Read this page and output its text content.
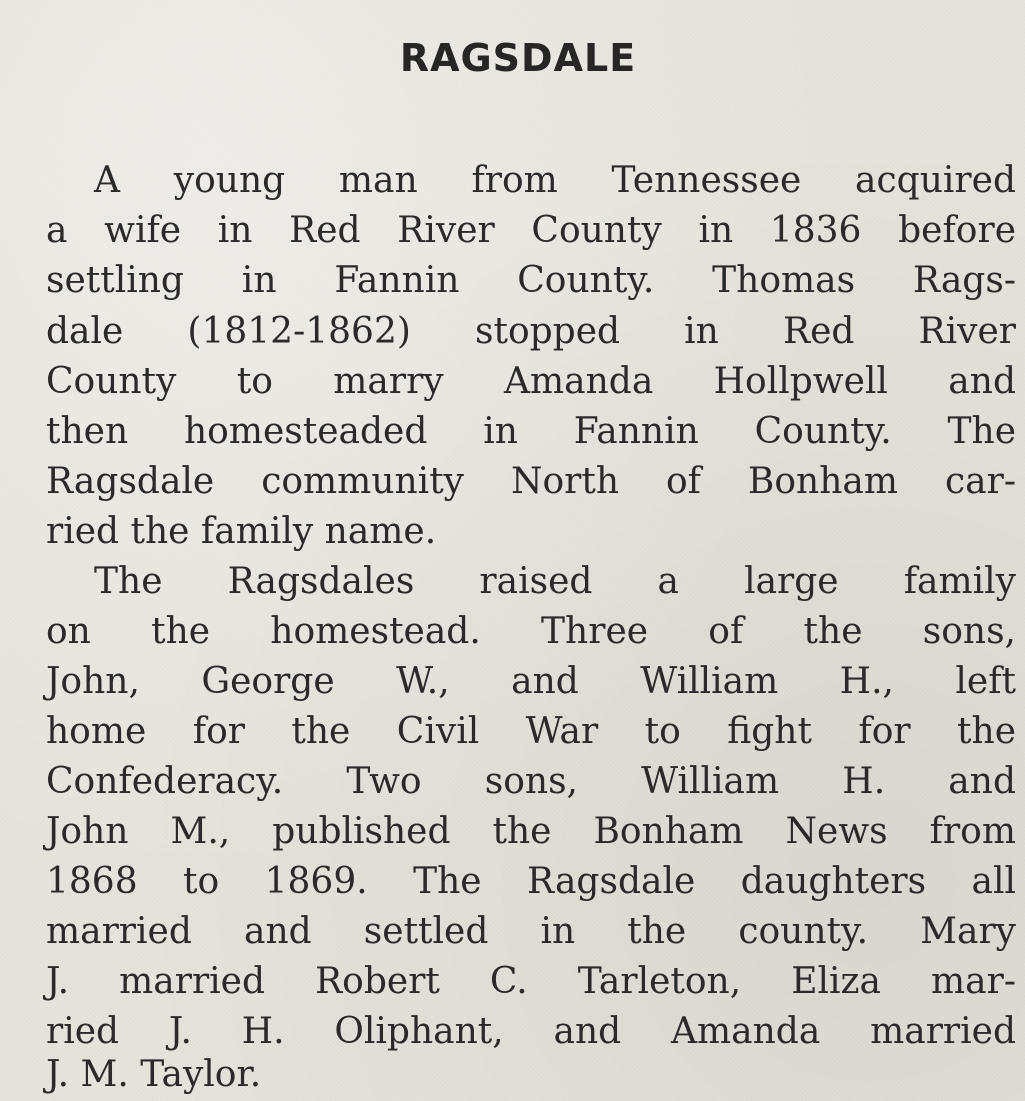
RAGSDALE
A young man from Tennessee acquired
a wife in Red River County in 1836 before
settling in Fannin County. Thomas Rags-
dale (1812-1862) stopped in Red River
County to marry Amanda Hollpwell and
then homesteaded in Fannin County. The
Ragsdale community North of Bonham car-
ried the family name.
The Ragsdales raised a large family
on the homestead. Three of the sons,
John, George W., and William H., left
home for the Civil War to fight for the
Confederacy. Two sons, William H. and
John M., published the Bonham News from
1868 to 1869. The Ragsdale daughters all
married and settled in the county. Mary
J. married Robert C. Tarleton, Eliza mar-
ried J. H. Oliphant, and Amanda married
J. M. Taylor.
